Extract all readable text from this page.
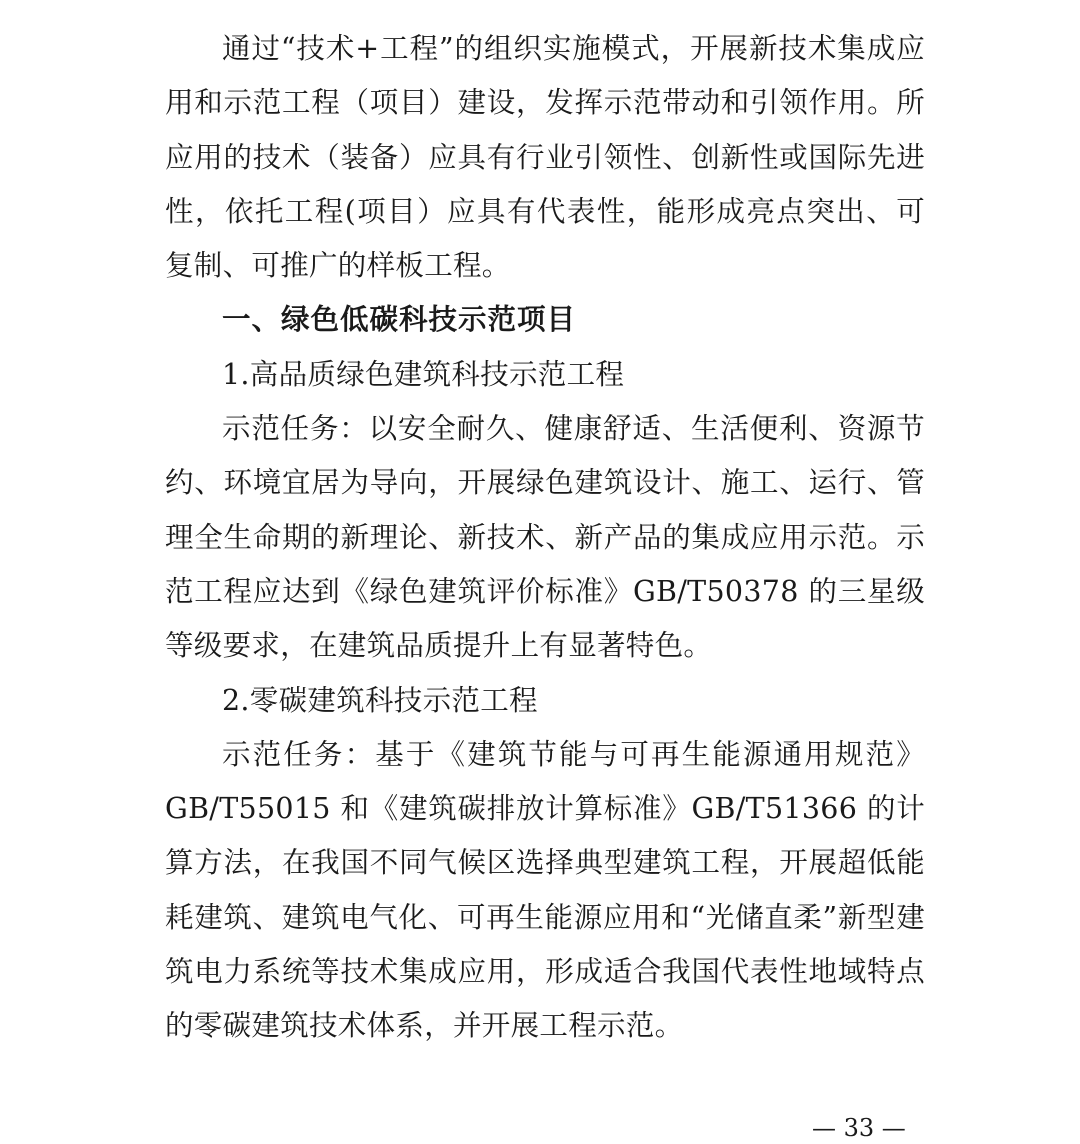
通过“技术+工程”的组织实施模式，开展新技术集成应用和示范工程（项目）建设，发挥示范带动和引领作用。所应用的技术（装备）应具有行业引领性、创新性或国际先进性，依托工程(项目）应具有代表性，能形成亮点突出、可复制、可推广的样板工程。

一、绿色低碳科技示范项目

1.高品质绿色建筑科技示范工程

示范任务：以安全耐久、健康舒适、生活便利、资源节约、环境宜居为导向，开展绿色建筑设计、施工、运行、管理全生命期的新理论、新技术、新产品的集成应用示范。示范工程应达到《绿色建筑评价标准》GB/T50378 的三星级等级要求，在建筑品质提升上有显著特色。

2.零碳建筑科技示范工程

示范任务：基于《建筑节能与可再生能源通用规范》GB/T55015 和《建筑碳排放计算标准》GB/T51366 的计算方法，在我国不同气候区选择典型建筑工程，开展超低能耗建筑、建筑电气化、可再生能源应用和“光储直柔”新型建筑电力系统等技术集成应用，形成适合我国代表性地域特点的零碳建筑技术体系，并开展工程示范。

— 33 —
